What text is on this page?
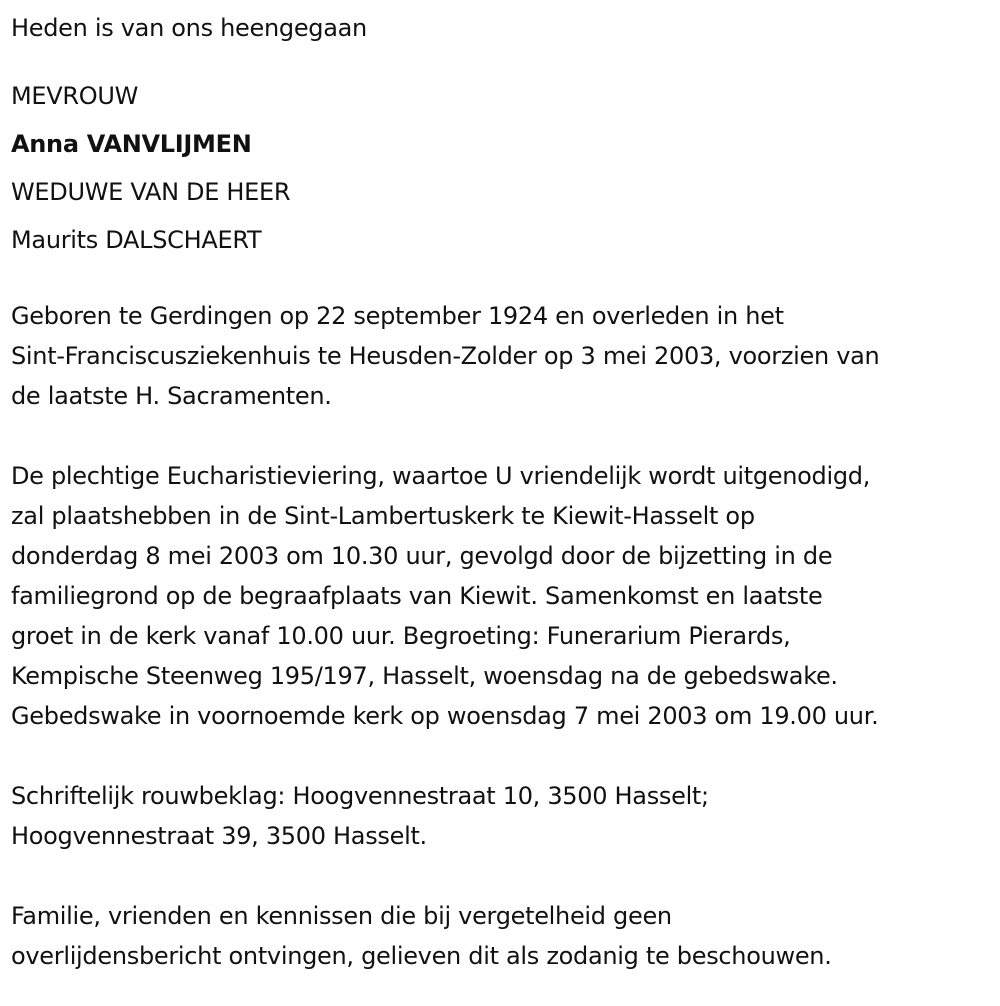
Heden is van ons heengegaan
MEVROUW
Anna VANVLIJMEN
WEDUWE VAN DE HEER
Maurits DALSCHAERT
Geboren te Gerdingen op 22 september 1924 en overleden in het
Sint-Franciscusziekenhuis te Heusden-Zolder op 3 mei 2003, voorzien van
de laatste H. Sacramenten.
De plechtige Eucharistieviering, waartoe U vriendelijk wordt uitgenodigd,
zal plaatshebben in de Sint-Lambertuskerk te Kiewit-Hasselt op
donderdag 8 mei 2003 om 10.30 uur, gevolgd door de bijzetting in de
familiegrond op de begraafplaats van Kiewit. Samenkomst en laatste
groet in de kerk vanaf 10.00 uur. Begroeting: Funerarium Pierards,
Kempische Steenweg 195/197, Hasselt, woensdag na de gebedswake.
Gebedswake in voornoemde kerk op woensdag 7 mei 2003 om 19.00 uur.
Schriftelijk rouwbeklag: Hoogvennestraat 10, 3500 Hasselt;
Hoogvennestraat 39, 3500 Hasselt.
Familie, vrienden en kennissen die bij vergetelheid geen
overlijdensbericht ontvingen, gelieven dit als zodanig te beschouwen.
